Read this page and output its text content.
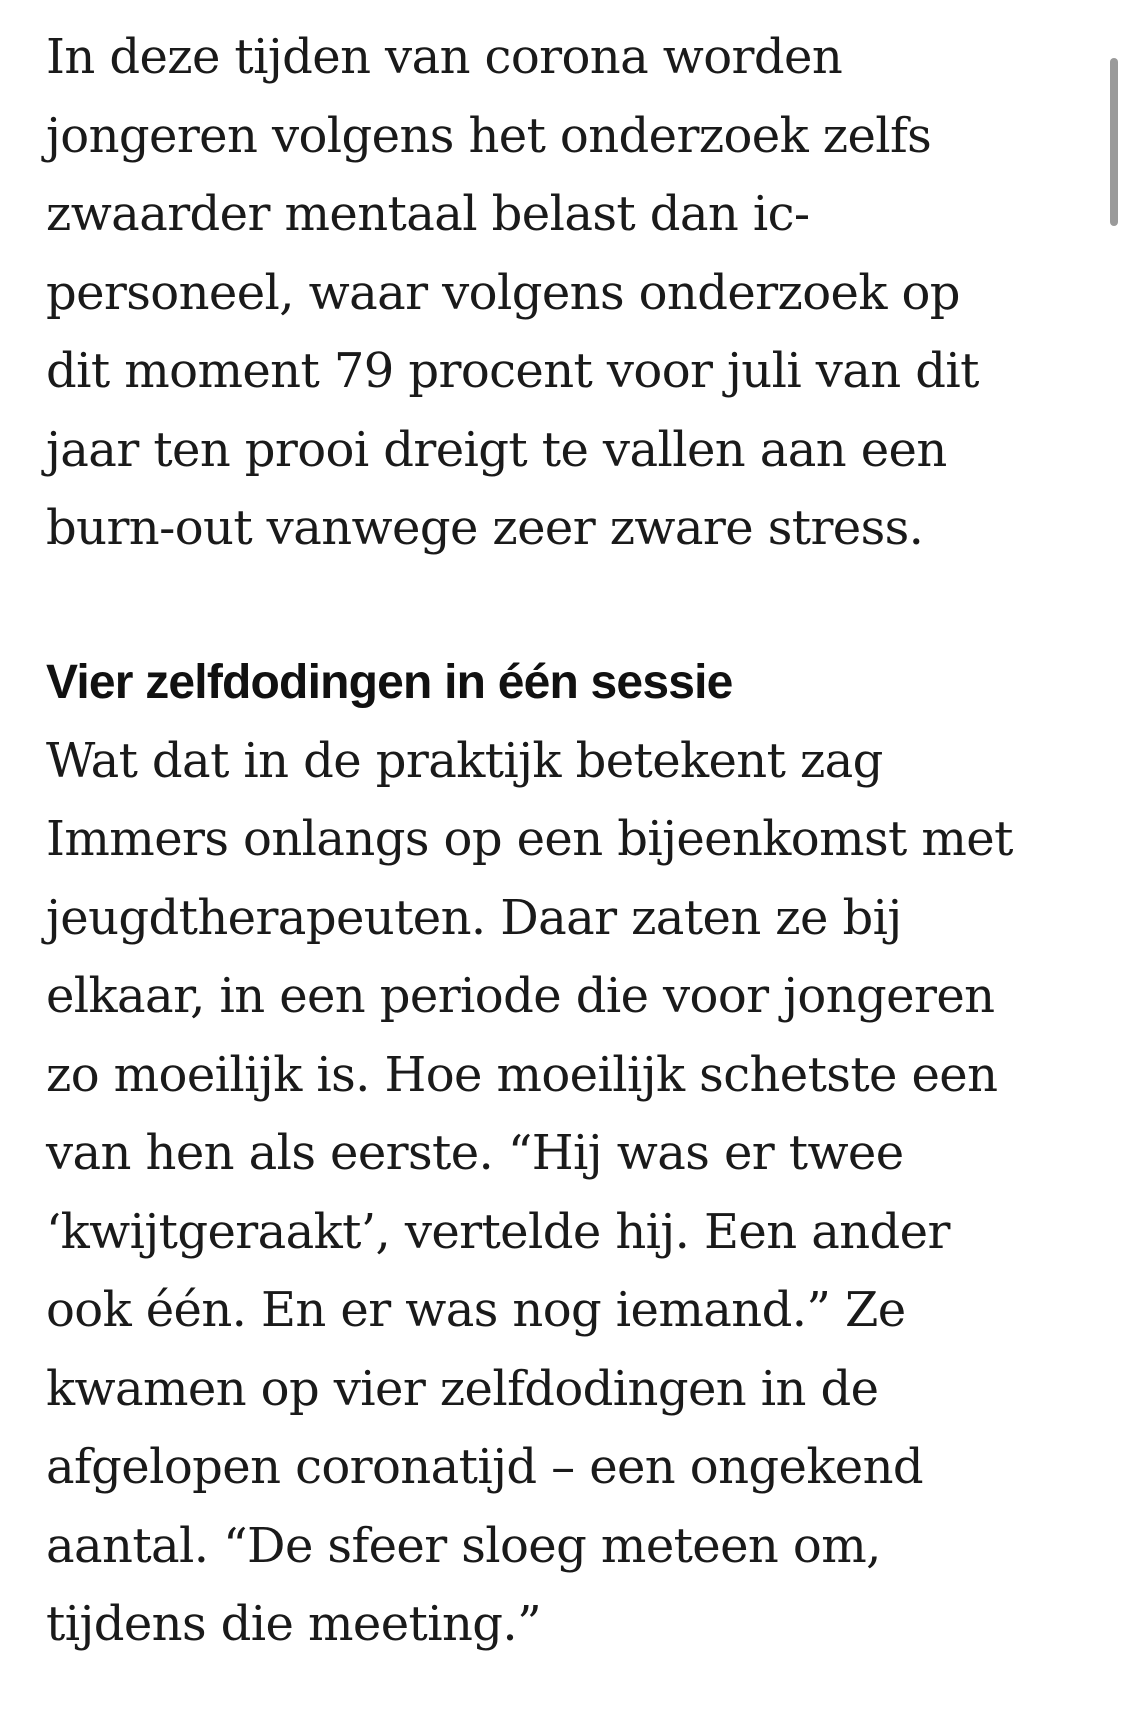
In deze tijden van corona worden
jongeren volgens het onderzoek zelfs
zwaarder mentaal belast dan ic-
personeel, waar volgens onderzoek op
dit moment 79 procent voor juli van dit
jaar ten prooi dreigt te vallen aan een
burn-out vanwege zeer zware stress.

Vier zelfdodingen in één sessie

Wat dat in de praktijk betekent zag
Immers onlangs op een bijeenkomst met
jeugdtherapeuten. Daar zaten ze bij
elkaar, in een periode die voor jongeren
zo moeilijk is. Hoe moeilijk schetste een
van hen als eerste. “Hij was er twee
‘kwijtgeraakt’, vertelde hij. Een ander
ook één. En er was nog iemand.” Ze
kwamen op vier zelfdodingen in de
afgelopen coronatijd – een ongekend
aantal. “De sfeer sloeg meteen om,
tijdens die meeting.”
